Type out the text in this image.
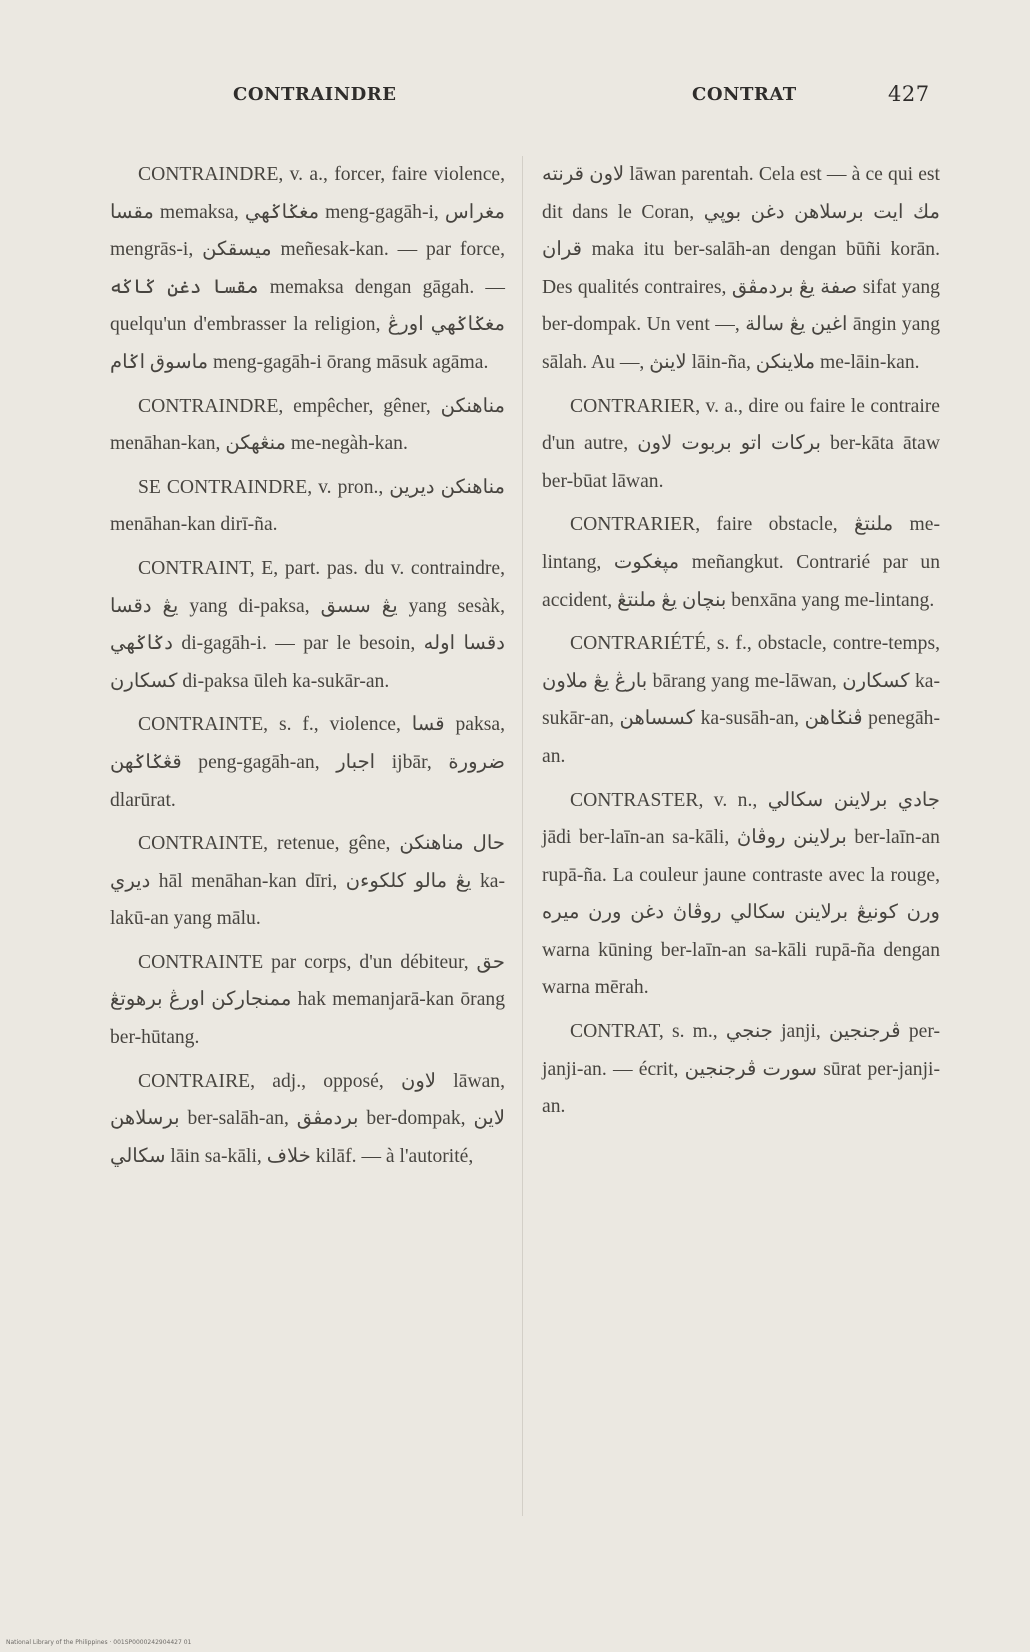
CONTRAINDRE	CONTRAT	427

CONTRAINDRE, v. a., forcer, faire violence, مقسا memaksa, مغݢاݢهي meng-gagāh-i, مغراس mengrās-i, ميسقكن meñesak-kan. — par force, مقسا دغن ݢاݢه memaksa dengan gāgah. — quelqu'un d'embrasser la religion, مغݢاݢهي اورڠ ماسوق اݢام meng-gagāh-i ōrang māsuk agāma.

CONTRAINDRE, empêcher, gêner, مناهنكن menāhan-kan, منڠهكن me-negàh-kan.

SE CONTRAINDRE, v. pron., مناهنكن ديرين menāhan-kan dirī-ña.

CONTRAINT, E, part. pas. du v. contraindre, يڠ دقسا yang di-paksa, يڠ سسق yang sesàk, دݢاݢهي di-gagāh-i. — par le besoin, دقسا اوله كسكارن di-paksa ūleh ka-sukār-an.

CONTRAINTE, s. f., violence, قسا paksa, قڠݢاݢهن peng-gagāh-an, اجبار ijbār, ضرورة dlarūrat.

CONTRAINTE, retenue, gêne, حال مناهنكن ديري hāl menāhan-kan dīri, يڠ مالو كلكوءن ka-lakū-an yang mālu.

CONTRAINTE par corps, d'un débiteur, حق ممنجاركن اورڠ برهوتڠ hak memanjarā-kan ōrang ber-hūtang.

CONTRAIRE, adj., opposé, لاون lāwan, برسلاهن ber-salāh-an, بردمڤق ber-dompak, لاين سكالي lāin sa-kāli, خلاف kilāf. — à l'autorité,

لاون قرنته lāwan parentah. Cela est — à ce qui est dit dans le Coran, مك ايت برسلاهن دغن بوڽي قران maka itu ber-salāh-an dengan būñi korān. Des qualités contraires, صفة يڠ بردمڤق sifat yang ber-dompak. Un vent —, اغين يڠ سالة āngin yang sālah. Au —, لاينڽ lāin-ña, ملاينكن me-lāin-kan.

CONTRARIER, v. a., dire ou faire le contraire d'un autre, بركات اتو بربوت لاون ber-kāta ātaw ber-būat lāwan.

CONTRARIER, faire obstacle, ملنتڠ me-lintang, مڽغكوت meñangkut. Contrarié par un accident, بنچان يڠ ملنتڠ benxāna yang me-lintang.

CONTRARIÉTÉ, s. f., obstacle, contre-temps, بارڠ يڠ ملاون bārang yang me-lāwan, كسكارن ka-sukār-an, كسساهن ka-susāh-an, ڤنݢاهن penegāh-an.

CONTRASTER, v. n., جادي برلاينن سكالي jādi ber-laīn-an sa-kāli, برلاينن روڤاڽ ber-laīn-an rupā-ña. La couleur jaune contraste avec la rouge, ورن كونيڠ برلاينن سكالي روڤاڽ دغن ورن ميره warna kūning ber-laīn-an sa-kāli rupā-ña dengan warna mērah.

CONTRAT, s. m., جنجي janji, ڤرجنجين per-janji-an. — écrit, سورت ڤرجنجين sūrat per-janji-an.

National Library of the Philippines · 001SP0000242904427 01
